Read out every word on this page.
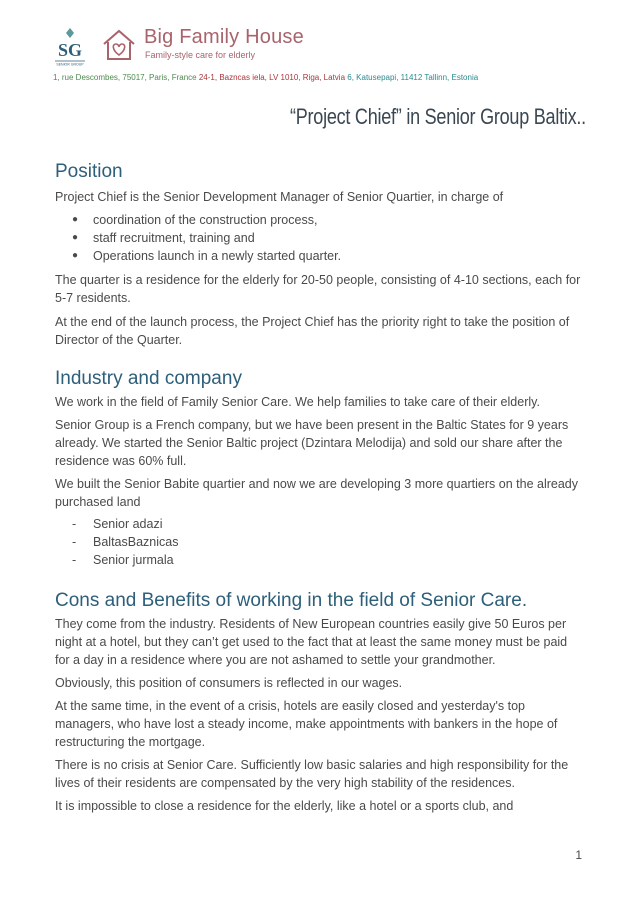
SG
SENIOR GROUP
Big Family House
Family-style care for elderly
1, rue Descombes, 75017, Paris, France 24-1, Bazncas iela, LV 1010, Riga, Latvia 6, Katusepapi, 11412 Tallinn, Estonia
“Project Chief” in Senior Group Baltix..
Position

Project Chief is the Senior Development Manager of Senior Quartier, in charge of

● coordination of the construction process,
● staff recruitment, training and
● Operations launch in a newly started quarter.

The quarter is a residence for the elderly for 20-50 people, consisting of 4-10 sections, each for 5-7 residents.

At the end of the launch process, the Project Chief has the priority right to take the position of Director of the Quarter.

Industry and company

We work in the field of Family Senior Care. We help families to take care of their elderly.

Senior Group is a French company, but we have been present in the Baltic States for 9 years already. We started the Senior Baltic project (Dzintara Melodija) and sold our share after the residence was 60% full.

We built the Senior Babite quartier and now we are developing 3 more quartiers on the already purchased land

- Senior adazi
- BaltasBaznicas
- Senior jurmala
Cons and Benefits of working in the field of Senior Care.

They come from the industry. Residents of New European countries easily give 50 Euros per night at a hotel, but they can’t get used to the fact that at least the same money must be paid for a day in a residence where you are not ashamed to settle your grandmother.

Obviously, this position of consumers is reflected in our wages.

At the same time, in the event of a crisis, hotels are easily closed and yesterday's top managers, who have lost a steady income, make appointments with bankers in the hope of restructuring the mortgage.

There is no crisis at Senior Care. Sufficiently low basic salaries and high responsibility for the lives of their residents are compensated by the very high stability of the residences.

It is impossible to close a residence for the elderly, like a hotel or a sports club, and

1
